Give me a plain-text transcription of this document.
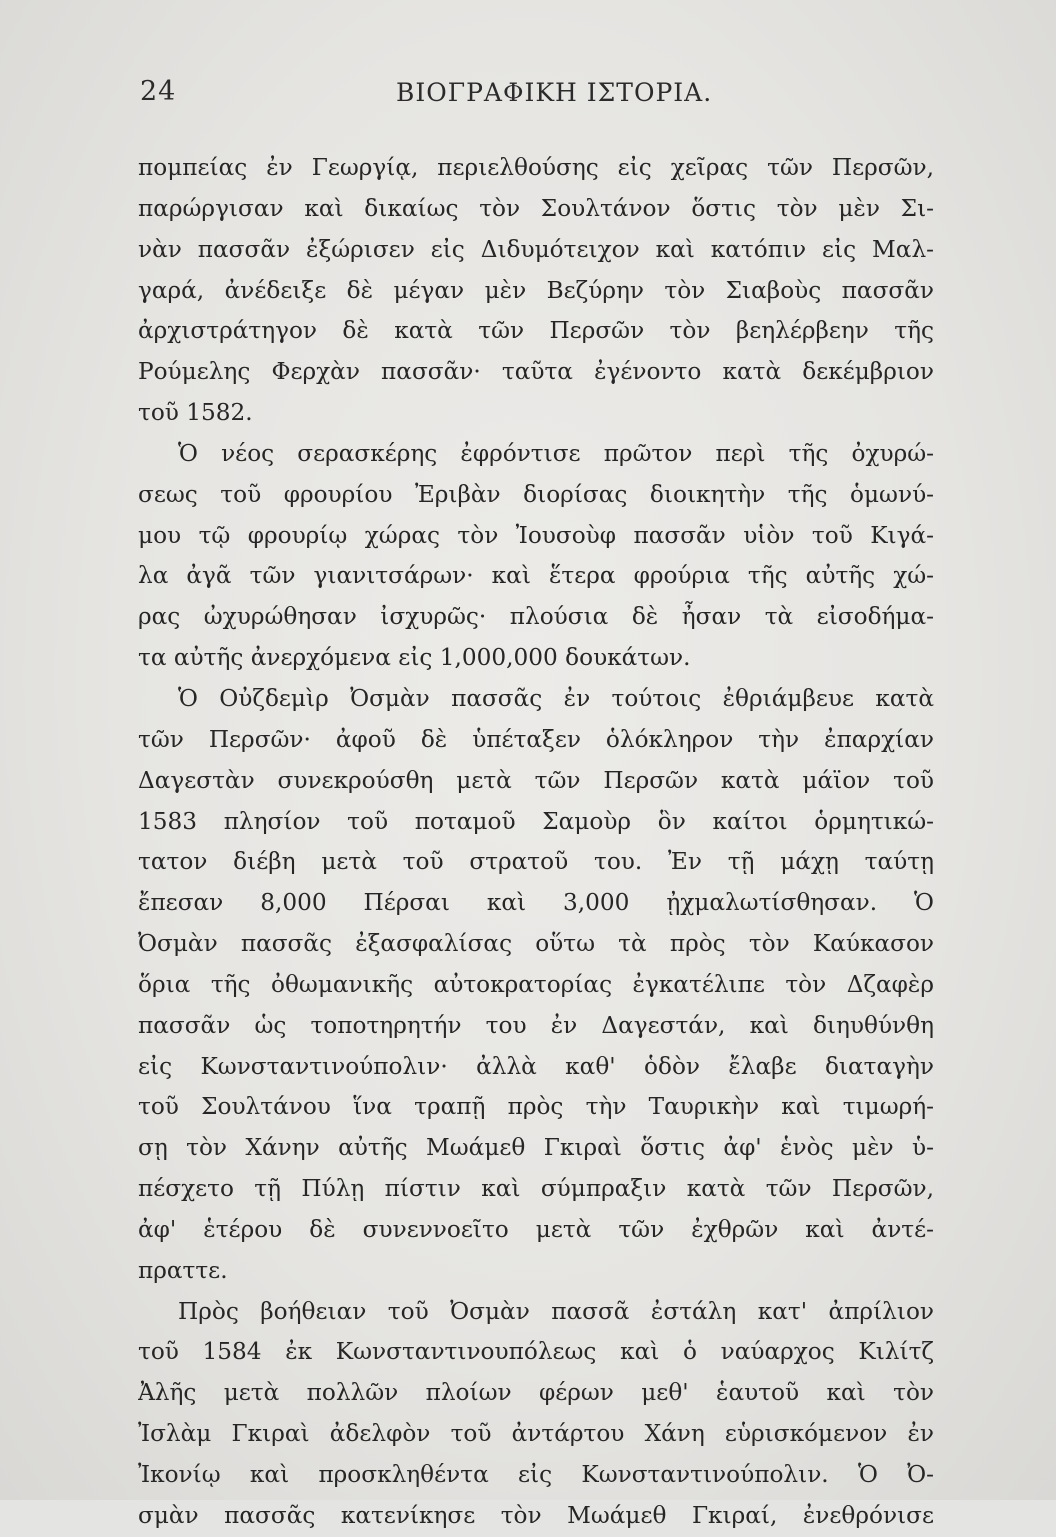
24	ΒΙΟΓΡΑΦΙΚΗ ΙΣΤΟΡΙΑ.
πομπείας ἐν Γεωργίᾳ, περιελθούσης εἰς χεῖρας τῶν Περσῶν,
παρώργισαν καὶ δικαίως τὸν Σουλτάνον ὅστις τὸν μὲν Σι-
νὰν πασσᾶν ἐξώρισεν εἰς Διδυμότειχον καὶ κατόπιν εἰς Μαλ-
γαρά, ἀνέδειξε δὲ μέγαν μὲν Βεζύρην τὸν Σιαβοὺς πασσᾶν
ἀρχιστράτηγον δὲ κατὰ τῶν Περσῶν τὸν βεηλέρβεην τῆς
Ρούμελης Φερχὰν πασσᾶν· ταῦτα ἐγένοντο κατὰ δεκέμβριον
τοῦ 1582.
Ὁ νέος σερασκέρης ἐφρόντισε πρῶτον περὶ τῆς ὀχυρώ-
σεως τοῦ φρουρίου Ἐριβὰν διορίσας διοικητὴν τῆς ὁμωνύ-
μου τῷ φρουρίῳ χώρας τὸν Ἰουσοὺφ πασσᾶν υἱὸν τοῦ Κιγά-
λα ἀγᾶ τῶν γιανιτσάρων· καὶ ἕτερα φρούρια τῆς αὐτῆς χώ-
ρας ὠχυρώθησαν ἰσχυρῶς· πλούσια δὲ ἦσαν τὰ εἰσοδήμα-
τα αὐτῆς ἀνερχόμενα εἰς 1,000,000 δουκάτων.
Ὁ Οὐζδεμὶρ Ὀσμὰν πασσᾶς ἐν τούτοις ἐθριάμβευε κατὰ
τῶν Περσῶν· ἀφοῦ δὲ ὑπέταξεν ὁλόκληρον τὴν ἐπαρχίαν
Δαγεστὰν συνεκρούσθη μετὰ τῶν Περσῶν κατὰ μάϊον τοῦ
1583 πλησίον τοῦ ποταμοῦ Σαμοὺρ ὃν καίτοι ὁρμητικώ-
τατον διέβη μετὰ τοῦ στρατοῦ του. Ἐν τῇ μάχῃ ταύτῃ
ἔπεσαν 8,000 Πέρσαι καὶ 3,000 ᾐχμαλωτίσθησαν. Ὁ
Ὀσμὰν πασσᾶς ἐξασφαλίσας οὕτω τὰ πρὸς τὸν Καύκασον
ὅρια τῆς ὀθωμανικῆς αὐτοκρατορίας ἐγκατέλιπε τὸν Δζαφὲρ
πασσᾶν ὡς τοποτηρητήν του ἐν Δαγεστάν, καὶ διηυθύνθη
εἰς Κωνσταντινούπολιν· ἀλλὰ καθ' ὁδὸν ἔλαβε διαταγὴν
τοῦ Σουλτάνου ἵνα τραπῇ πρὸς τὴν Ταυρικὴν καὶ τιμωρή-
σῃ τὸν Χάνην αὐτῆς Μωάμεθ Γκιραὶ ὅστις ἀφ' ἑνὸς μὲν ὑ-
πέσχετο τῇ Πύλῃ πίστιν καὶ σύμπραξιν κατὰ τῶν Περσῶν,
ἀφ' ἑτέρου δὲ συνεννοεῖτο μετὰ τῶν ἐχθρῶν καὶ ἀντέ-
πραττε.
Πρὸς βοήθειαν τοῦ Ὀσμὰν πασσᾶ ἐστάλη κατ' ἀπρίλιον
τοῦ 1584 ἐκ Κωνσταντινουπόλεως καὶ ὁ ναύαρχος Κιλίτζ
Ἀλῆς μετὰ πολλῶν πλοίων φέρων μεθ' ἑαυτοῦ καὶ τὸν
Ἰσλὰμ Γκιραὶ ἀδελφὸν τοῦ ἀντάρτου Χάνη εὑρισκόμενον ἐν
Ἰκονίῳ καὶ προσκληθέντα εἰς Κωνσταντινούπολιν. Ὁ Ὀ-
σμὰν πασσᾶς κατενίκησε τὸν Μωάμεθ Γκιραί, ἐνεθρόνισε
